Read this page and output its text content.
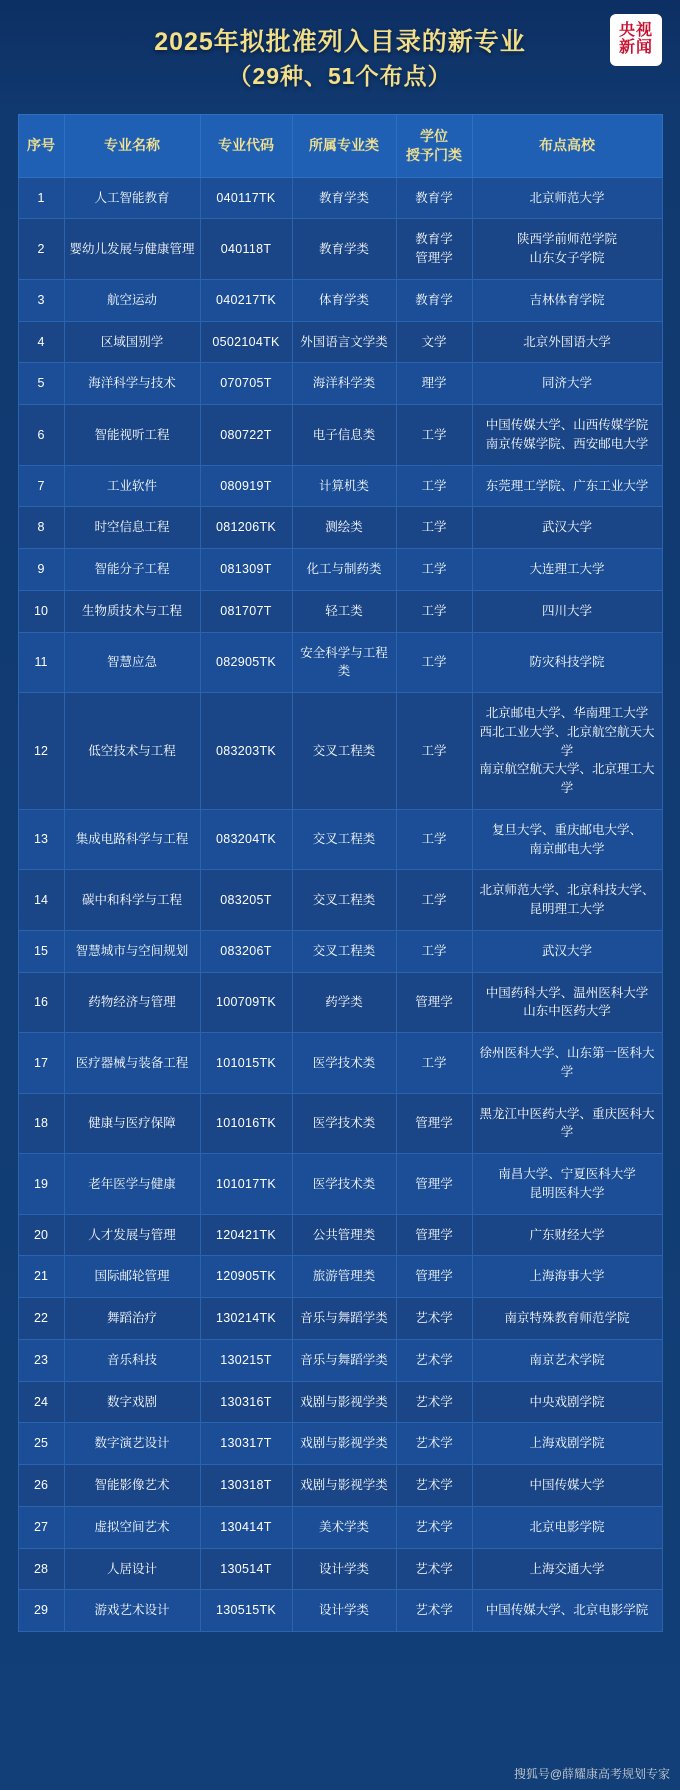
央视
新闻
2025年拟批准列入目录的新专业
（29种、51个布点）
序号	专业名称	专业代码	所属专业类	学位
授予门类	布点高校

1	人工智能教育	040117TK	教育学类	教育学	北京师范大学

2	婴幼儿发展与健康管理	040118T	教育学类	教育学
管理学	陕西学前师范学院
山东女子学院

3	航空运动	040217TK	体育学类	教育学	吉林体育学院

4	区域国别学	0502104TK	外国语言文学类	文学	北京外国语大学

5	海洋科学与技术	070705T	海洋科学类	理学	同济大学

6	智能视听工程	080722T	电子信息类	工学	中国传媒大学、山西传媒学院
南京传媒学院、西安邮电大学

7	工业软件	080919T	计算机类	工学	东莞理工学院、广东工业大学

8	时空信息工程	081206TK	测绘类	工学	武汉大学

9	智能分子工程	081309T	化工与制药类	工学	大连理工大学

10	生物质技术与工程	081707T	轻工类	工学	四川大学

11	智慧应急	082905TK	安全科学与工程类	工学	防灾科技学院

12	低空技术与工程	083203TK	交叉工程类	工学	北京邮电大学、华南理工大学
西北工业大学、北京航空航天大学
南京航空航天大学、北京理工大学

13	集成电路科学与工程	083204TK	交叉工程类	工学	复旦大学、重庆邮电大学、
南京邮电大学

14	碳中和科学与工程	083205T	交叉工程类	工学	北京师范大学、北京科技大学、
昆明理工大学

15	智慧城市与空间规划	083206T	交叉工程类	工学	武汉大学

16	药物经济与管理	100709TK	药学类	管理学	中国药科大学、温州医科大学
山东中医药大学

17	医疗器械与装备工程	101015TK	医学技术类	工学	徐州医科大学、山东第一医科大学

18	健康与医疗保障	101016TK	医学技术类	管理学	黑龙江中医药大学、重庆医科大学

19	老年医学与健康	101017TK	医学技术类	管理学	南昌大学、宁夏医科大学
昆明医科大学

20	人才发展与管理	120421TK	公共管理类	管理学	广东财经大学

21	国际邮轮管理	120905TK	旅游管理类	管理学	上海海事大学

22	舞蹈治疗	130214TK	音乐与舞蹈学类	艺术学	南京特殊教育师范学院

23	音乐科技	130215T	音乐与舞蹈学类	艺术学	南京艺术学院

24	数字戏剧	130316T	戏剧与影视学类	艺术学	中央戏剧学院

25	数字演艺设计	130317T	戏剧与影视学类	艺术学	上海戏剧学院

26	智能影像艺术	130318T	戏剧与影视学类	艺术学	中国传媒大学

27	虚拟空间艺术	130414T	美术学类	艺术学	北京电影学院

28	人居设计	130514T	设计学类	艺术学	上海交通大学

29	游戏艺术设计	130515TK	设计学类	艺术学	中国传媒大学、北京电影学院
搜狐号@薛耀康高考规划专家
